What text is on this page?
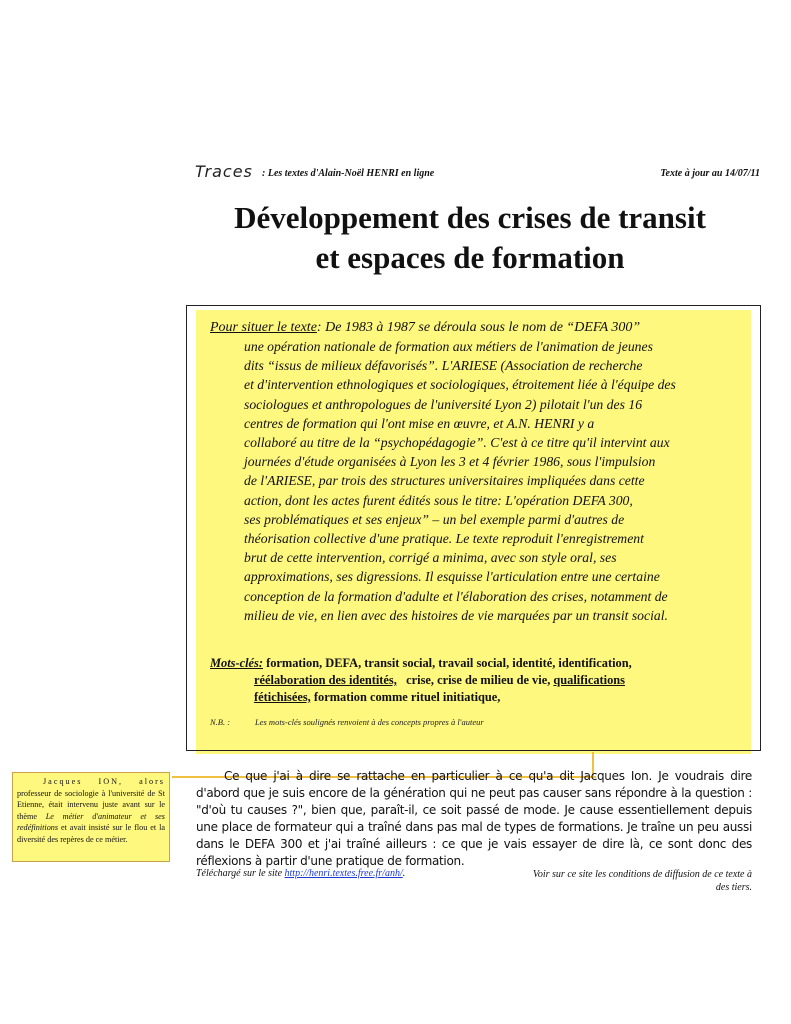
Traces : Les textes d'Alain-Noël HENRI en ligne	Texte à jour au 14/07/11
Développement des crises de transit
et espaces de formation
Pour situer le texte: De 1983 à 1987 se déroula sous le nom de “DEFA 300”
une opération nationale de formation aux métiers de l'animation de jeunes
dits “issus de milieux défavorisés”. L'ARIESE (Association de recherche
et d'intervention ethnologiques et sociologiques, étroitement liée à l'équipe des
sociologues et anthropologues de l'université Lyon 2) pilotait l'un des 16
centres de formation qui l'ont mise en œuvre, et A.N. HENRI y a
collaboré au titre de la “psychopédagogie”. C'est à ce titre qu'il intervint aux
journées d'étude organisées à Lyon les 3 et 4 février 1986, sous l'impulsion
de l'ARIESE, par trois des structures universitaires impliquées dans cette
action, dont les actes furent édités sous le titre: L'opération DEFA 300,
ses problématiques et ses enjeux” – un bel exemple parmi d'autres de
théorisation collective d'une pratique. Le texte reproduit l'enregistrement
brut de cette intervention, corrigé a minima, avec son style oral, ses
approximations, ses digressions. Il esquisse l'articulation entre une certaine
conception de la formation d'adulte et l'élaboration des crises, notamment de
milieu de vie, en lien avec des histoires de vie marquées par un transit social.
Mots-clés: formation, DEFA, transit social, travail social, identité, identification,
réélaboration des identités,   crise, crise de milieu de vie, qualifications
fétichisées, formation comme rituel initiatique,
N.B. :	Les mots-clés soulignés renvoient à des concepts propres à l'auteur
Jacques ION, alors professeur de sociologie à l'université de St Etienne, était intervenu juste avant sur le thème Le métier d'animateur et ses redéfinitions et avait insisté sur le flou et la diversité des repères de ce métier.

Ce que j'ai à dire se rattache en particulier à ce qu'a dit Jacques Ion. Je voudrais dire d'abord que je suis encore de la génération qui ne peut pas causer sans répondre à la question : "d'où tu causes ?", bien que, paraît-il, ce soit passé de mode. Je cause essentiellement depuis une place de formateur qui a traîné dans pas mal de types de formations. Je traîne un peu aussi dans le DEFA 300 et j'ai traîné ailleurs : ce que je vais essayer de dire là, ce sont donc des réflexions à partir d'une pratique de formation.

Téléchargé sur le site http://henri.textes.free.fr/anh/.	Voir sur ce site les conditions de diffusion de ce texte à des tiers.
